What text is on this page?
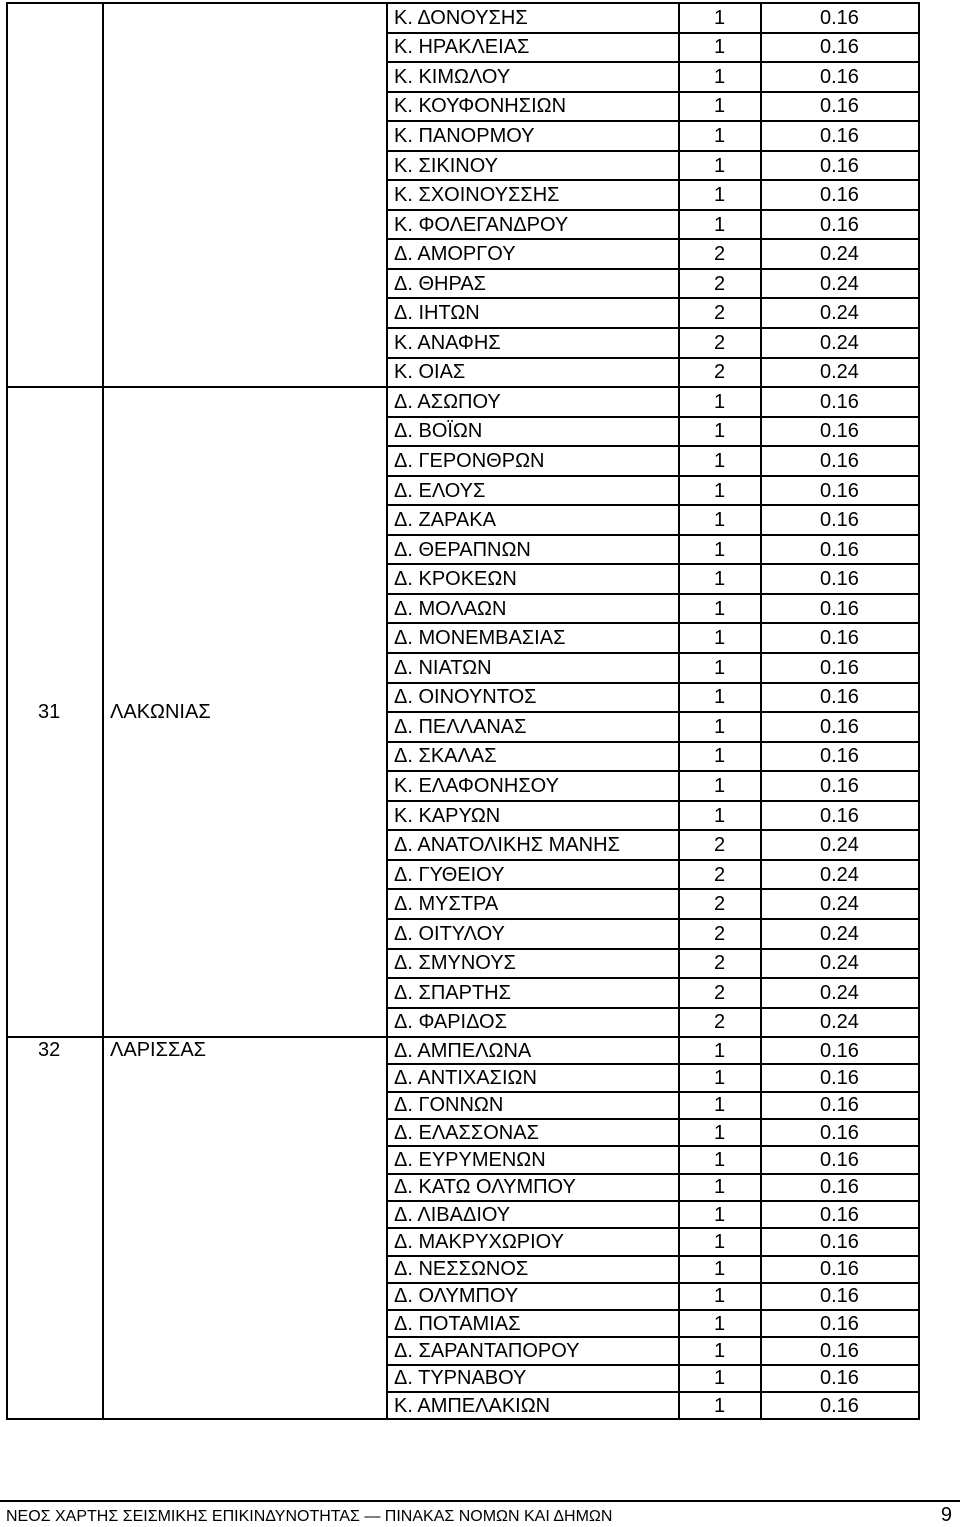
		Κ. ΔΟΝΟΥΣΗΣ	1	0.16
		Κ. ΗΡΑΚΛΕΙΑΣ	1	0.16
		Κ. ΚΙΜΩΛΟΥ	1	0.16
		Κ. ΚΟΥΦΟΝΗΣΙΩΝ	1	0.16
		Κ. ΠΑΝΟΡΜΟΥ	1	0.16
		Κ. ΣΙΚΙΝΟΥ	1	0.16
		Κ. ΣΧΟΙΝΟΥΣΣΗΣ	1	0.16
		Κ. ΦΟΛΕΓΑΝΔΡΟΥ	1	0.16
		Δ. ΑΜΟΡΓΟΥ	2	0.24
		Δ. ΘΗΡΑΣ	2	0.24
		Δ. ΙΗΤΩΝ	2	0.24
		Κ. ΑΝΑΦΗΣ	2	0.24
		Κ. ΟΙΑΣ	2	0.24
31	ΛΑΚΩΝΙΑΣ	Δ. ΑΣΩΠΟΥ	1	0.16
		Δ. ΒΟΪΩΝ	1	0.16
		Δ. ΓΕΡΟΝΘΡΩΝ	1	0.16
		Δ. ΕΛΟΥΣ	1	0.16
		Δ. ΖΑΡΑΚΑ	1	0.16
		Δ. ΘΕΡΑΠΝΩΝ	1	0.16
		Δ. ΚΡΟΚΕΩΝ	1	0.16
		Δ. ΜΟΛΑΩΝ	1	0.16
		Δ. ΜΟΝΕΜΒΑΣΙΑΣ	1	0.16
		Δ. ΝΙΑΤΩΝ	1	0.16
		Δ. ΟΙΝΟΥΝΤΟΣ	1	0.16
		Δ. ΠΕΛΛΑΝΑΣ	1	0.16
		Δ. ΣΚΑΛΑΣ	1	0.16
		Κ. ΕΛΑΦΟΝΗΣΟΥ	1	0.16
		Κ. ΚΑΡΥΩΝ	1	0.16
		Δ. ΑΝΑΤΟΛΙΚΗΣ ΜΑΝΗΣ	2	0.24
		Δ. ΓΥΘΕΙΟΥ	2	0.24
		Δ. ΜΥΣΤΡΑ	2	0.24
		Δ. ΟΙΤΥΛΟΥ	2	0.24
		Δ. ΣΜΥΝΟΥΣ	2	0.24
		Δ. ΣΠΑΡΤΗΣ	2	0.24
		Δ. ΦΑΡΙΔΟΣ	2	0.24
32	ΛΑΡΙΣΣΑΣ	Δ. ΑΜΠΕΛΩΝΑ	1	0.16
		Δ. ΑΝΤΙΧΑΣΙΩΝ	1	0.16
		Δ. ΓΟΝΝΩΝ	1	0.16
		Δ. ΕΛΑΣΣΟΝΑΣ	1	0.16
		Δ. ΕΥΡΥΜΕΝΩΝ	1	0.16
		Δ. ΚΑΤΩ ΟΛΥΜΠΟΥ	1	0.16
		Δ. ΛΙΒΑΔΙΟΥ	1	0.16
		Δ. ΜΑΚΡΥΧΩΡΙΟΥ	1	0.16
		Δ. ΝΕΣΣΩΝΟΣ	1	0.16
		Δ. ΟΛΥΜΠΟΥ	1	0.16
		Δ. ΠΟΤΑΜΙΑΣ	1	0.16
		Δ. ΣΑΡΑΝΤΑΠΟΡΟΥ	1	0.16
		Δ. ΤΥΡΝΑΒΟΥ	1	0.16
		Κ. ΑΜΠΕΛΑΚΙΩΝ	1	0.16
ΝΕΟΣ ΧΑΡΤΗΣ ΣΕΙΣΜΙΚΗΣ ΕΠΙΚΙΝΔΥΝΟΤΗΤΑΣ — ΠΙΝΑΚΑΣ ΝΟΜΩΝ ΚΑΙ ΔΗΜΩΝ	9
